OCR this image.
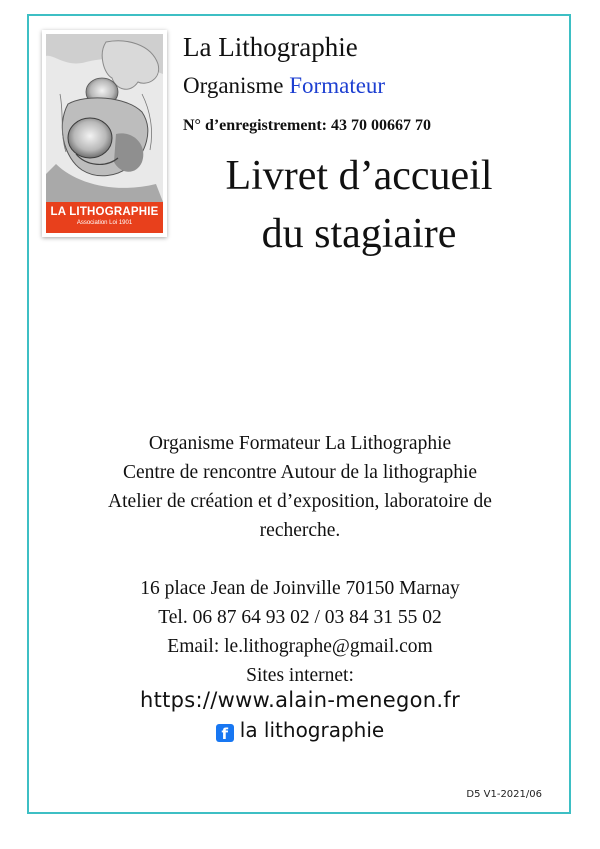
LA LITHOGRAPHIE
Association Loi 1901
La Lithographie
Organisme Formateur
N° d’enregistrement: 43 70 00667 70
Livret d’accueil
du stagiaire
Organisme Formateur La Lithographie
Centre de rencontre Autour de la lithographie
Atelier de création et d’exposition, laboratoire de
recherche.
16 place Jean de Joinville 70150 Marnay
Tel. 06 87 64 93 02 / 03 84 31 55 02
Email: le.lithographe@gmail.com
Sites internet:
https://www.alain-menegon.fr
f la lithographie
D5 V1-2021/06
